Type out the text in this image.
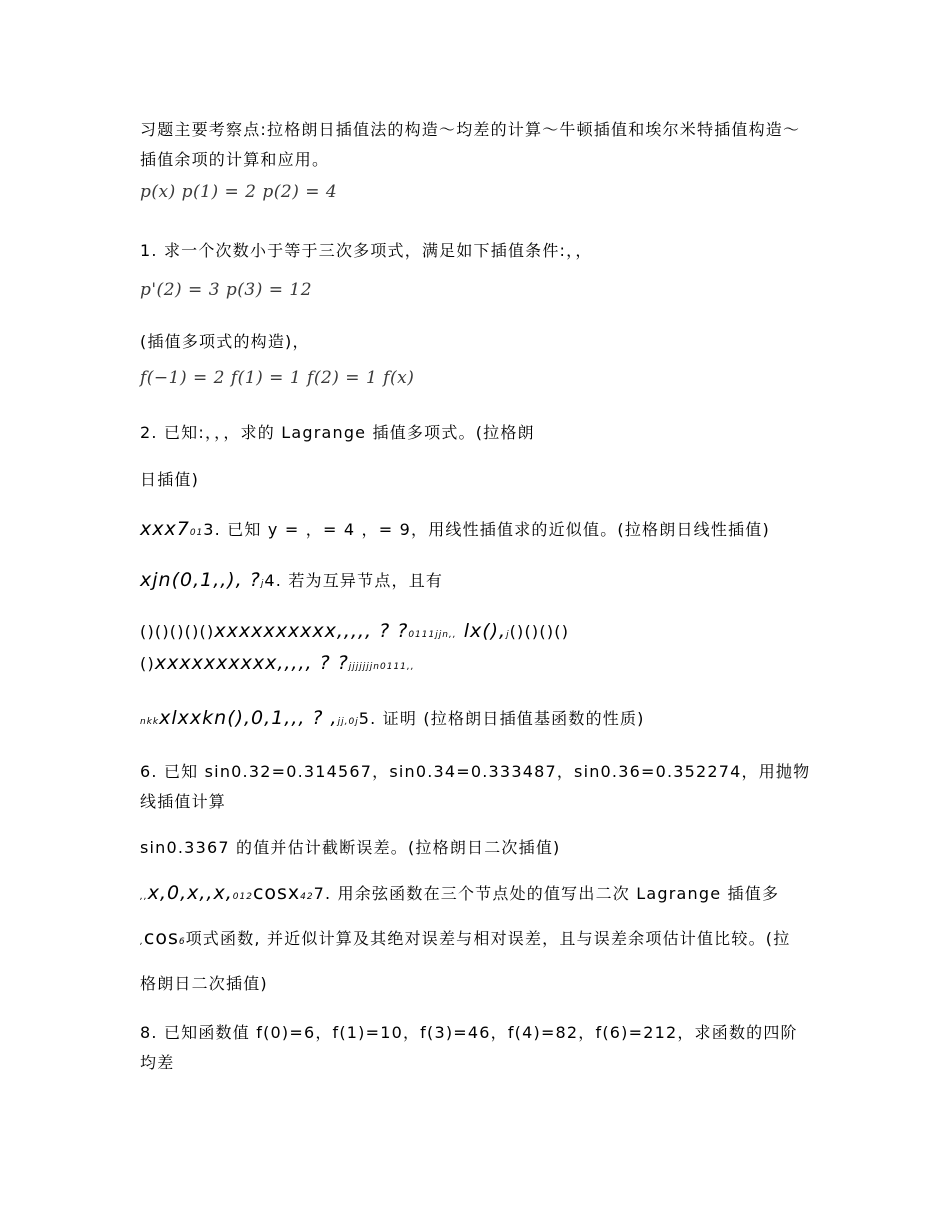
习题主要考察点:拉格朗日插值法的构造～均差的计算～牛顿插值和埃尔米特插值构造～插值余项的计算和应用。
p(x) p(1) = 2 p(2) = 4
1. 求一个次数小于等于三次多项式，满足如下插值条件:，，
p'(2) = 3 p(3) = 12
(插值多项式的构造)，
f(−1) = 2 f(1) = 1 f(2) = 1 f(x)
2. 已知:，，，求的 Lagrange 插值多项式。(拉格朗
日插值)
xxx7013. 已知 y = ，= 4 ，= 9，用线性插值求的近似值。(拉格朗日线性插值)
xjn(0,1,,), ?j4. 若为互异节点，且有
()()()()()xxxxxxxxxx,,,,, ? ?0111jjn,, lx(),j()()()()
()xxxxxxxxxx,,,,, ? ?jjjjjjjn0111,,
nkkxlxxkn(),0,1,,, ? ,jj,0j5. 证明 (拉格朗日插值基函数的性质)
6. 已知 sin0.32=0.314567，sin0.34=0.333487，sin0.36=0.352274，用抛物线插值计算
sin0.3367 的值并估计截断误差。(拉格朗日二次插值)
,,x,0,x,,x,012cosx427. 用余弦函数在三个节点处的值写出二次 Lagrange 插值多
,cos6项式函数, 并近似计算及其绝对误差与相对误差，且与误差余项估计值比较。(拉
格朗日二次插值)
8. 已知函数值 f(0)=6，f(1)=10，f(3)=46，f(4)=82，f(6)=212，求函数的四阶均差
